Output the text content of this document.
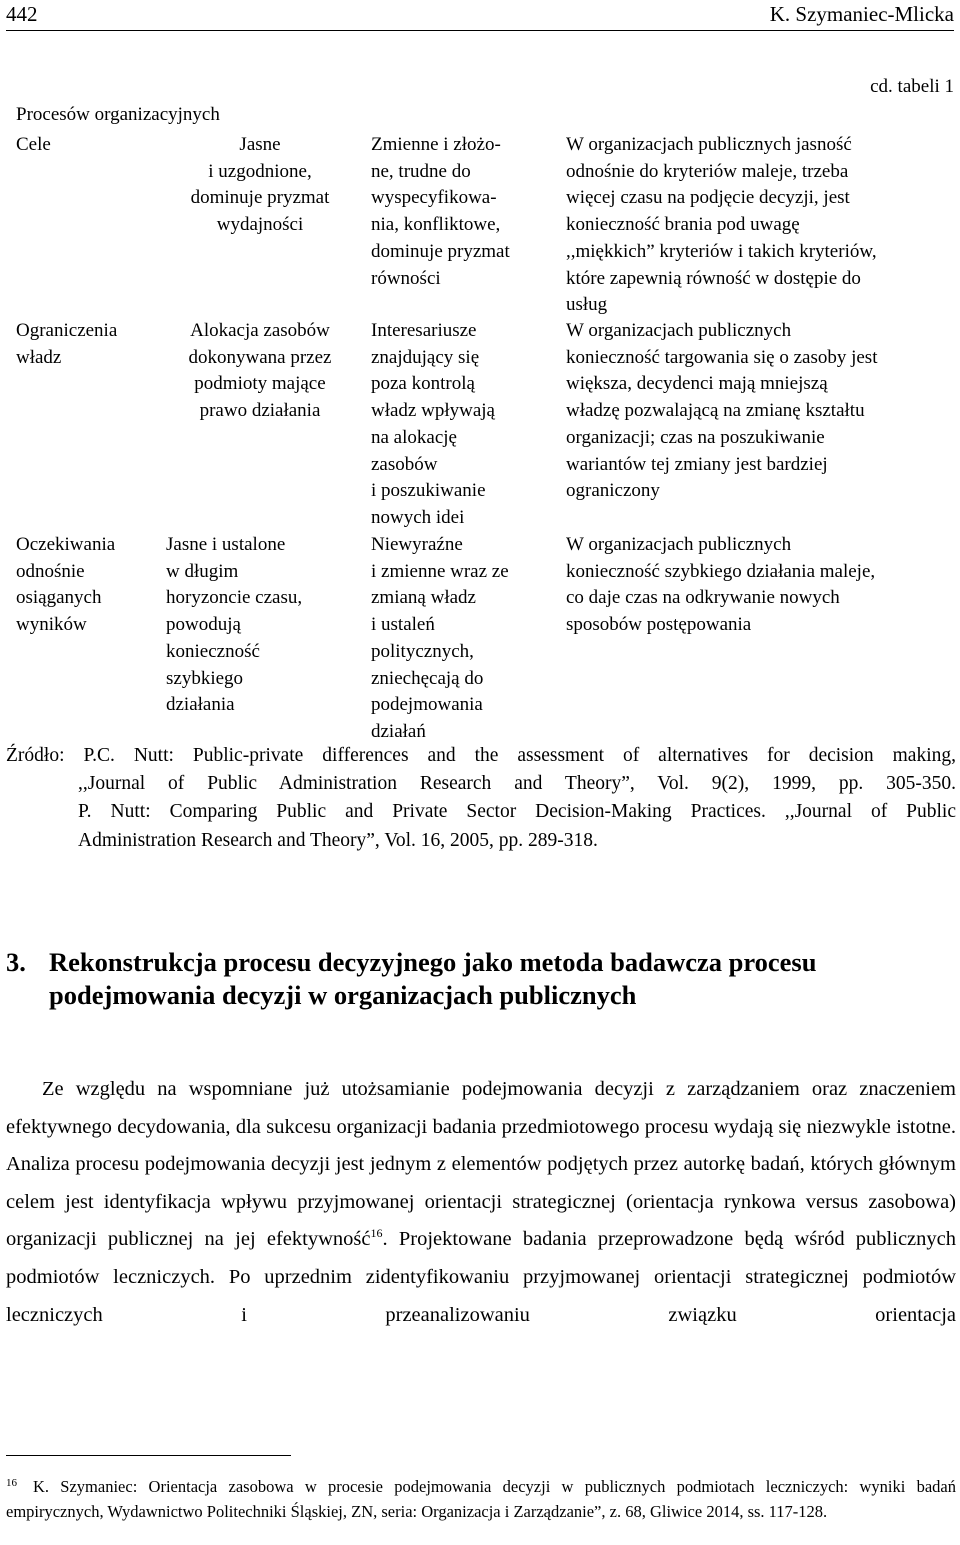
442	K. Szymaniec-Mlicka
cd. tabeli 1
Procesów organizacyjnych
Cele	Jasne
i uzgodnione,
dominuje pryzmat
wydajności
Zmienne i złożo-
ne, trudne do
wyspecyfikowa-
nia, konfliktowe,
dominuje pryzmat
równości
W organizacjach publicznych jasność
odnośnie do kryteriów maleje, trzeba
więcej czasu na podjęcie decyzji, jest
konieczność brania pod uwagę
,,miękkich” kryteriów i takich kryteriów,
które zapewnią równość w dostępie do
usług
Ograniczenia
władz
Alokacja zasobów
dokonywana przez
podmioty mające
prawo działania
Interesariusze
znajdujący się
poza kontrolą
władz wpływają
na alokację
zasobów
i poszukiwanie
nowych idei
W organizacjach publicznych
konieczność targowania się o zasoby jest
większa, decydenci mają mniejszą
władzę pozwalającą na zmianę kształtu
organizacji; czas na poszukiwanie
wariantów tej zmiany jest bardziej
ograniczony
Oczekiwania
odnośnie
osiąganych
wyników
Jasne i ustalone
w długim
horyzoncie czasu,
powodują
konieczność
szybkiego
działania
Niewyraźne
i zmienne wraz ze
zmianą władz
i ustaleń
politycznych,
zniechęcają do
podejmowania
działań
W organizacjach publicznych
konieczność szybkiego działania maleje,
co daje czas na odkrywanie nowych
sposobów postępowania

Źródło: P.C. Nutt: Public-private differences and the assessment of alternatives for decision making,

,,Journal of Public Administration Research and Theory”, Vol. 9(2), 1999, pp. 305-350.

P. Nutt: Comparing Public and Private Sector Decision-Making Practices. ,,Journal of Public

Administration Research and Theory”, Vol. 16, 2005, pp. 289-318.

3. Rekonstrukcja procesu decyzyjnego jako metoda badawcza procesu podejmowania decyzji w organizacjach publicznych

Ze względu na wspomniane już utożsamianie podejmowania decyzji z zarządzaniem oraz znaczeniem efektywnego decydowania, dla sukcesu organizacji badania przedmiotowego procesu wydają się niezwykle istotne. Analiza procesu podejmowania decyzji jest jednym z elementów podjętych przez autorkę badań, których głównym celem jest identyfikacja wpływu przyjmowanej orientacji strategicznej (orientacja rynkowa versus zasobowa) organizacji publicznej na jej efektywność$^{16}$. Projektowane badania przeprowadzone będą wśród publicznych podmiotów leczniczych. Po uprzednim zidentyfikowaniu przyjmowanej orientacji strategicznej podmiotów leczniczych i przeanalizowaniu związku orientacja

$^{16}$ K. Szymaniec: Orientacja zasobowa w procesie podejmowania decyzji w publicznych podmiotach leczniczych: wyniki badań empirycznych, Wydawnictwo Politechniki Śląskiej, ZN, seria: Organizacja i Zarządzanie”, z. 68, Gliwice 2014, ss. 117-128.
